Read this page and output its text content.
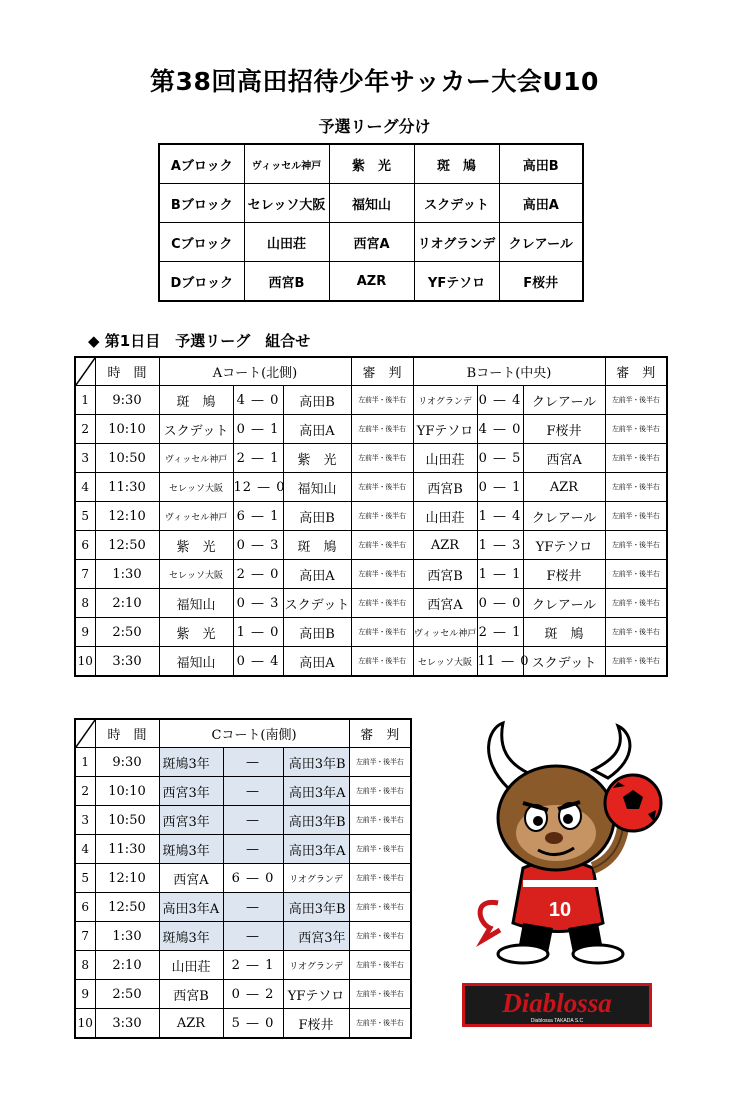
第38回高田招待少年サッカー大会U10
予選リーグ分け
Aブロック	ヴィッセル神戸	紫　光	斑　鳩	高田B
Bブロック	セレッソ大阪	福知山	スクデット	高田A
Cブロック	山田荘	西宮A	リオグランデ	クレアール
Dブロック	西宮B	AZR	YFテソロ	F桜井
◆ 第1日目　予選リーグ　組合せ
	時　間	Aコート(北側)			審　判	Bコート(中央)			審　判
1	9:30	斑　鳩	4 — 0	高田B	左前半・後半右	リオグランデ	0 — 4	クレアール	左前半・後半右
2	10:10	スクデット	0 — 1	高田A	左前半・後半右	YFテソロ	4 — 0	F桜井	左前半・後半右
3	10:50	ヴィッセル神戸	2 — 1	紫　光	左前半・後半右	山田荘	0 — 5	西宮A	左前半・後半右
4	11:30	セレッソ大阪	12 — 0	福知山	左前半・後半右	西宮B	0 — 1	AZR	左前半・後半右
5	12:10	ヴィッセル神戸	6 — 1	高田B	左前半・後半右	山田荘	1 — 4	クレアール	左前半・後半右
6	12:50	紫　光	0 — 3	斑　鳩	左前半・後半右	AZR	1 — 3	YFテソロ	左前半・後半右
7	1:30	セレッソ大阪	2 — 0	高田A	左前半・後半右	西宮B	1 — 1	F桜井	左前半・後半右
8	2:10	福知山	0 — 3	スクデット	左前半・後半右	西宮A	0 — 0	クレアール	左前半・後半右
9	2:50	紫　光	1 — 0	高田B	左前半・後半右	ヴィッセル神戸	2 — 1	斑　鳩	左前半・後半右
10	3:30	福知山	0 — 4	高田A	左前半・後半右	セレッソ大阪	11 — 0	スクデット	左前半・後半右
	時　間	Cコート(南側)			審　判
1	9:30	斑鳩3年	—	高田3年B	左前半・後半右
2	10:10	西宮3年	—	高田3年A	左前半・後半右
3	10:50	西宮3年	—	高田3年B	左前半・後半右
4	11:30	斑鳩3年	—	高田3年A	左前半・後半右
5	12:10	西宮A	6 — 0	リオグランデ	左前半・後半右
6	12:50	高田3年A	—	高田3年B	左前半・後半右
7	1:30	斑鳩3年	—	西宮3年	左前半・後半右
8	2:10	山田荘	2 — 1	リオグランデ	左前半・後半右
9	2:50	西宮B	0 — 2	YFテソロ	左前半・後半右
10	3:30	AZR	5 — 0	F桜井	左前半・後半右
10
Diablossa
Diablossa TAKADA S.C
